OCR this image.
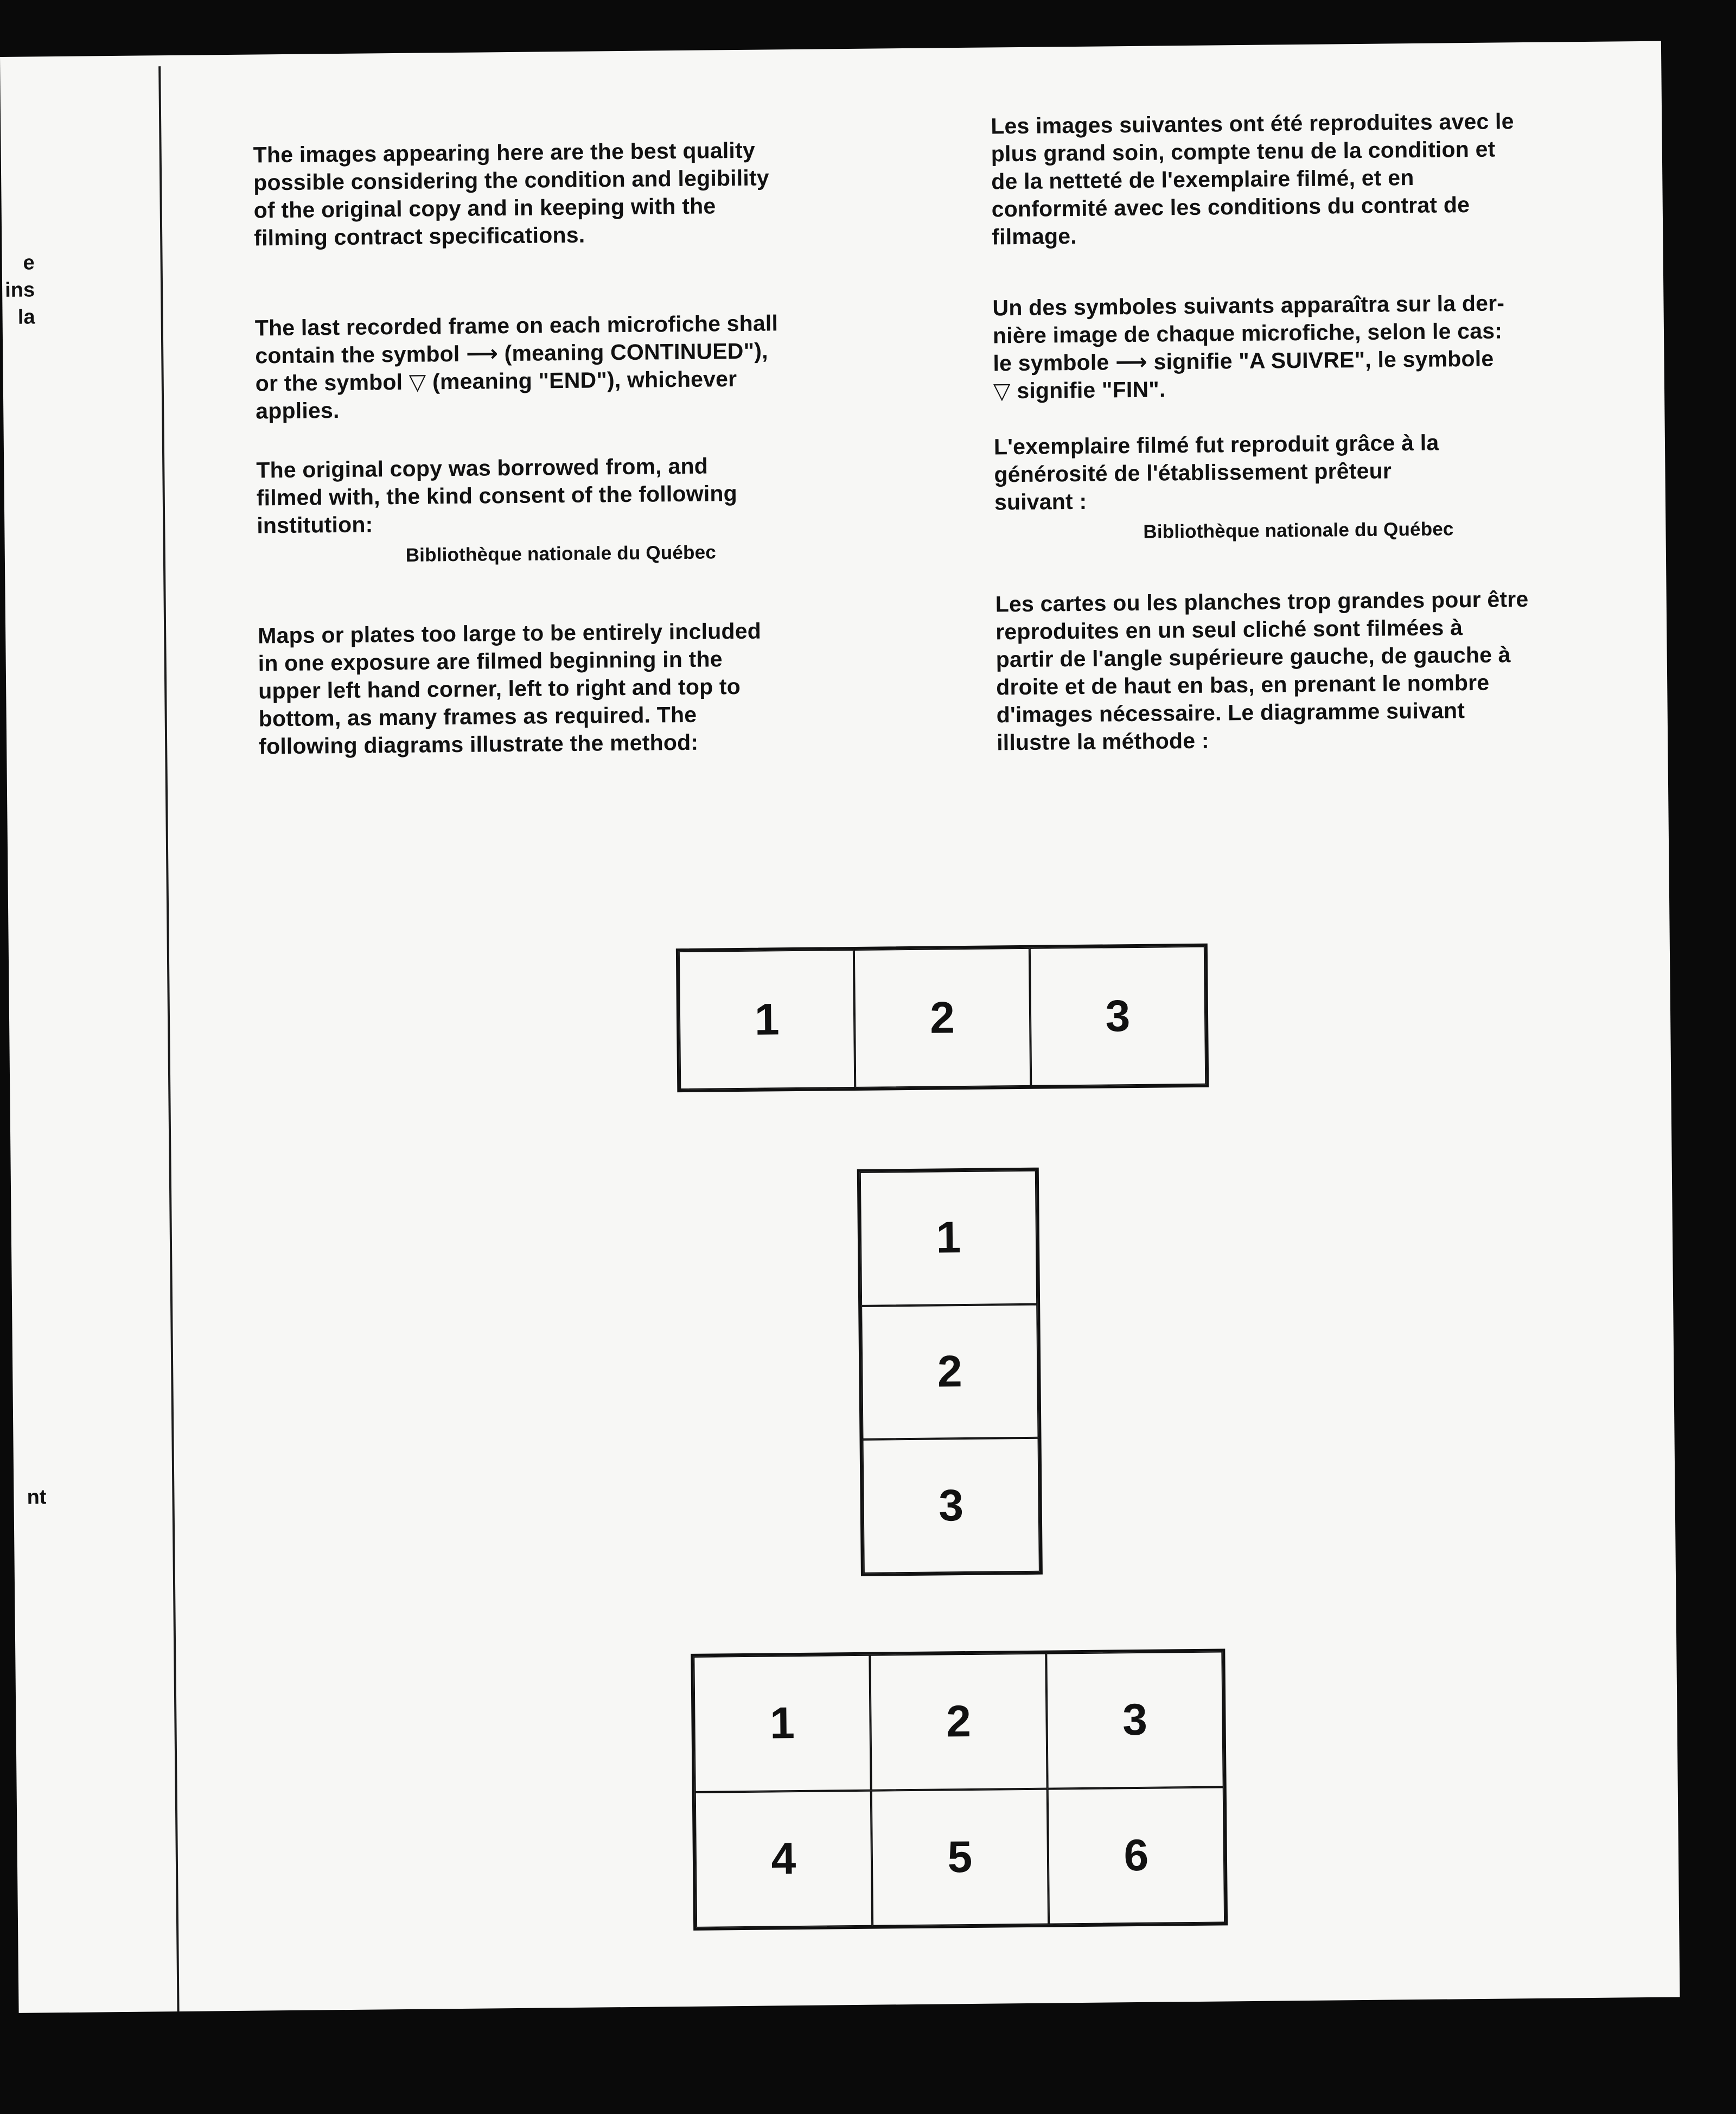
e
ins
la
nt

The images appearing here are the best quality
possible considering the condition and legibility
of the original copy and in keeping with the
filming contract specifications.

The last recorded frame on each microfiche shall
contain the symbol ⟶ (meaning CONTINUED"),
or the symbol ▽ (meaning "END"), whichever
applies.

The original copy was borrowed from, and
filmed with, the kind consent of the following
institution:

Bibliothèque nationale du Québec

Maps or plates too large to be entirely included
in one exposure are filmed beginning in the
upper left hand corner, left to right and top to
bottom, as many frames as required. The
following diagrams illustrate the method:

Les images suivantes ont été reproduites avec le
plus grand soin, compte tenu de la condition et
de la netteté de l'exemplaire filmé, et en
conformité avec les conditions du contrat de
filmage.

Un des symboles suivants apparaîtra sur la der-
nière image de chaque microfiche, selon le cas:
le symbole ⟶ signifie "A SUIVRE", le symbole
▽ signifie "FIN".

L'exemplaire filmé fut reproduit grâce à la
générosité de l'établissement prêteur
suivant :

Bibliothèque nationale du Québec

Les cartes ou les planches trop grandes pour être
reproduites en un seul cliché sont filmées à
partir de l'angle supérieure gauche, de gauche à
droite et de haut en bas, en prenant le nombre
d'images nécessaire. Le diagramme suivant
illustre la méthode :

1	2	3
1
2
3
1	2	3
4	5	6
